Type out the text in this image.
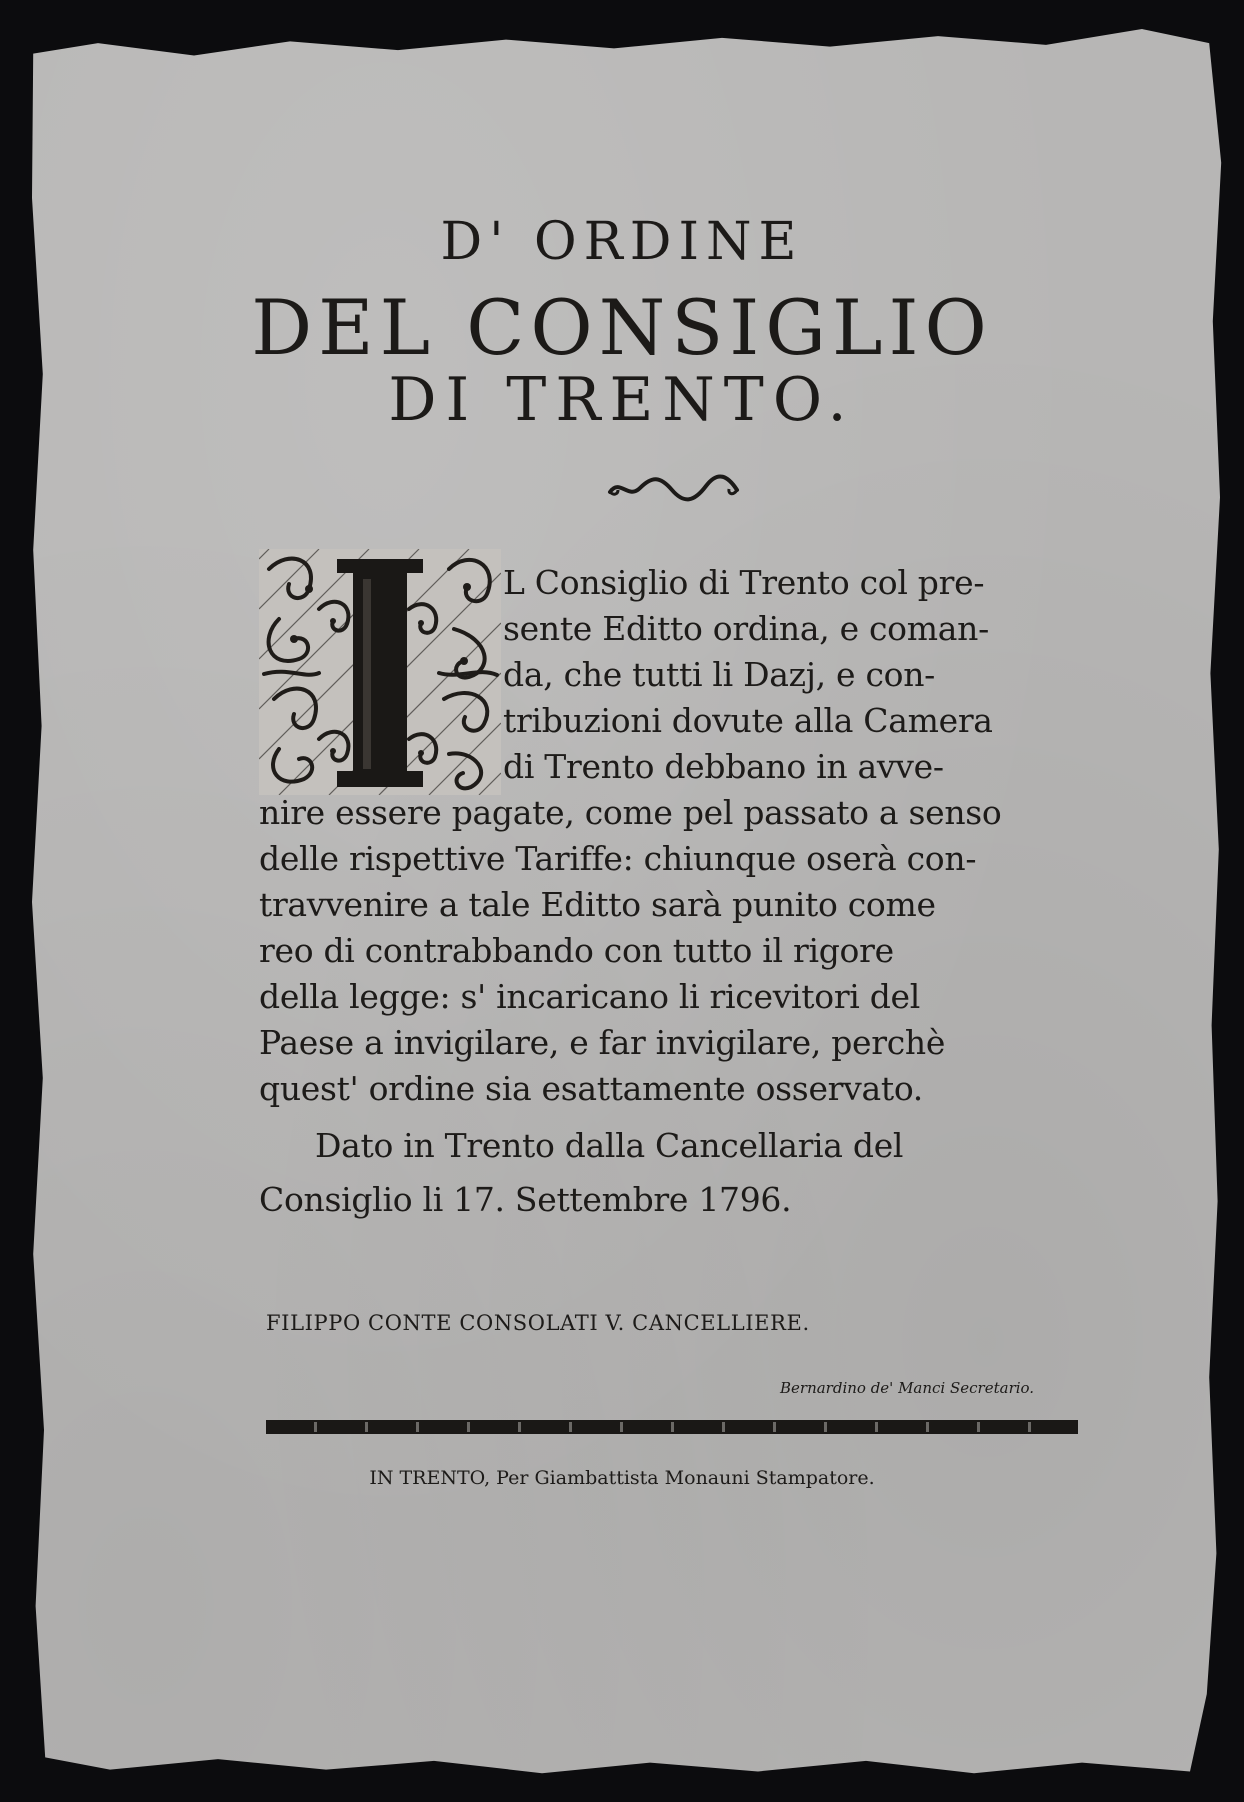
D' ORDINE
DEL CONSIGLIO
DI TRENTO.
I
L Consiglio di Trento col pre-
sente Editto ordina, e coman-
da, che tutti li Dazj, e con-
tribuzioni dovute alla Camera
di Trento debbano in avve-
nire essere pagate, come pel passato a senso
delle rispettive Tariffe: chiunque oserà con-
travvenire a tale Editto sarà punito come
reo di contrabbando con tutto il rigore
della legge: s' incaricano li ricevitori del
Paese a invigilare, e far invigilare, perchè
quest' ordine sia esattamente osservato.
Dato in Trento dalla Cancellaria del
Consiglio li 17. Settembre 1796.
FILIPPO CONTE CONSOLATI V. CANCELLIERE.
Bernardino de' Manci Secretario.
IN TRENTO, Per Giambattista Monauni Stampatore.
